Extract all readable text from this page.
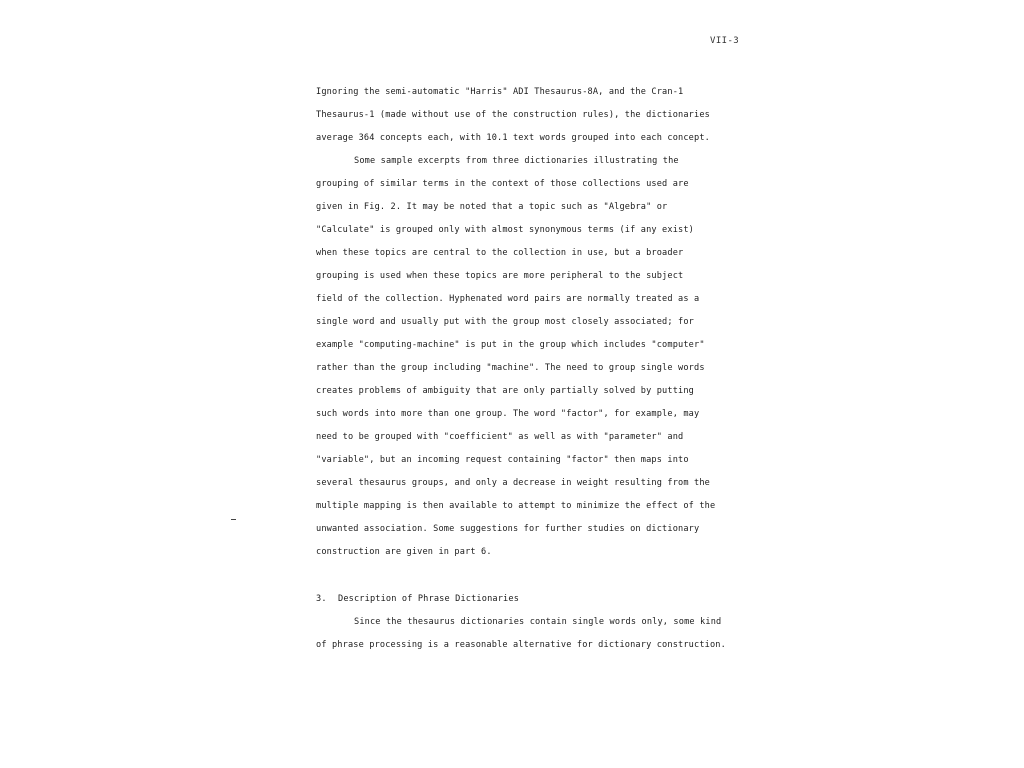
VII-3
Ignoring the semi-automatic "Harris" ADI Thesaurus-8A, and the Cran-1
Thesaurus-1 (made without use of the construction rules), the dictionaries
average 364 concepts each, with 10.1 text words grouped into each concept.
Some sample excerpts from three dictionaries illustrating the
grouping of similar terms in the context of those collections used are
given in Fig. 2. It may be noted that a topic such as "Algebra" or
"Calculate" is grouped only with almost synonymous terms (if any exist)
when these topics are central to the collection in use, but a broader
grouping is used when these topics are more peripheral to the subject
field of the collection. Hyphenated word pairs are normally treated as a
single word and usually put with the group most closely associated; for
example "computing-machine" is put in the group which includes "computer"
rather than the group including "machine". The need to group single words
creates problems of ambiguity that are only partially solved by putting
such words into more than one group. The word "factor", for example, may
need to be grouped with "coefficient" as well as with "parameter" and
"variable", but an incoming request containing "factor" then maps into
several thesaurus groups, and only a decrease in weight resulting from the
multiple mapping is then available to attempt to minimize the effect of the
unwanted association. Some suggestions for further studies on dictionary
construction are given in part 6.
3. Description of Phrase Dictionaries
Since the thesaurus dictionaries contain single words only, some kind
of phrase processing is a reasonable alternative for dictionary construction.
